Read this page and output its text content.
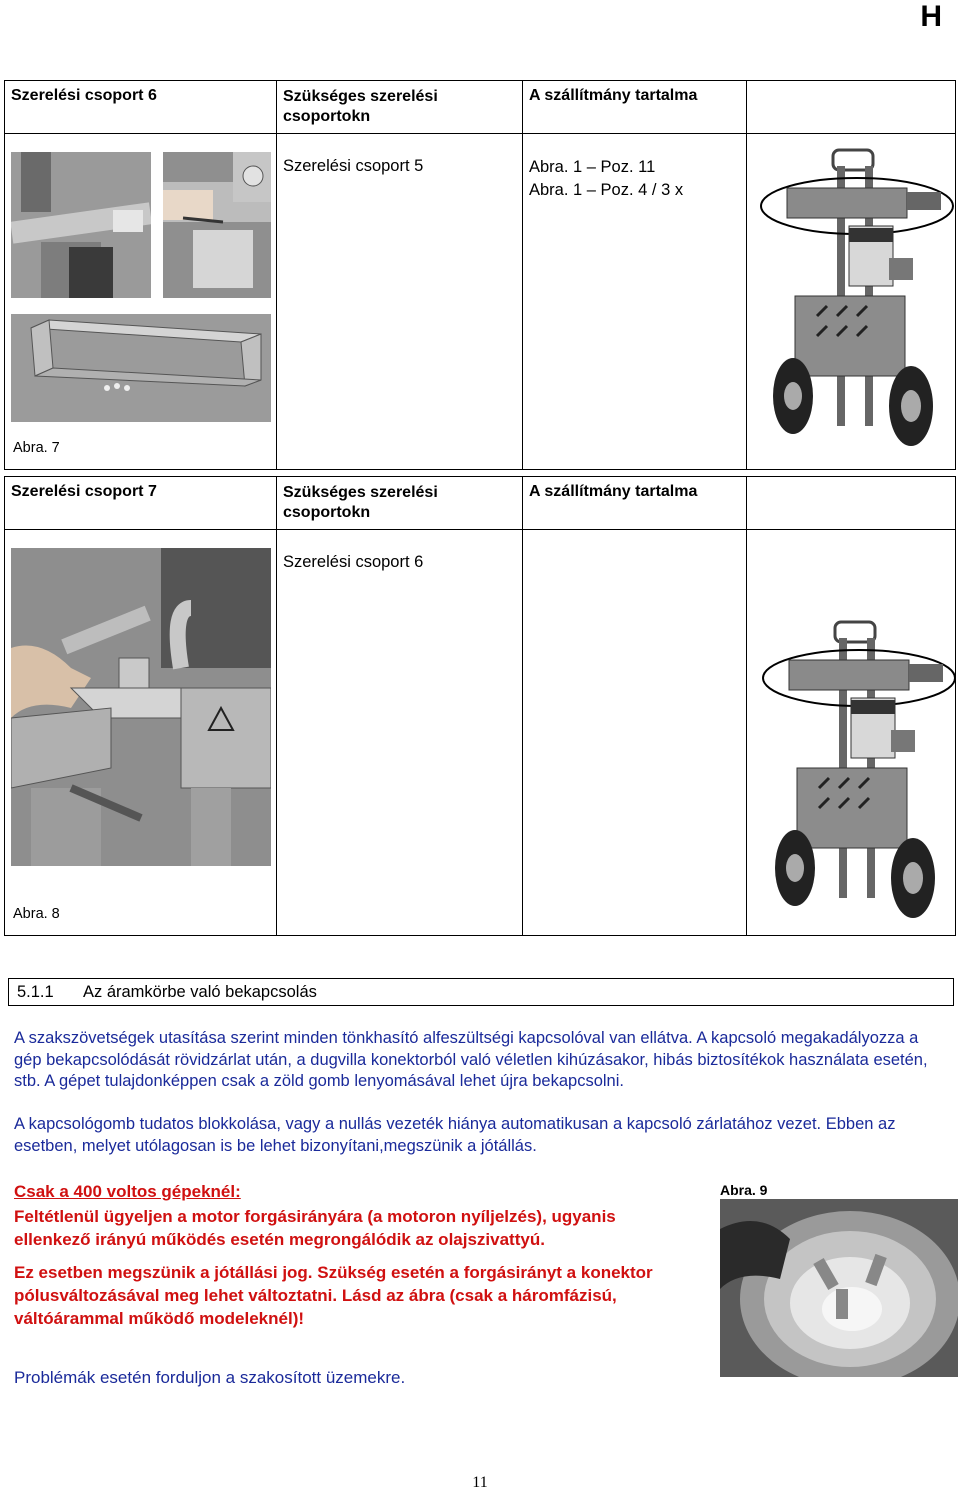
H
Szerelési csoport 6	Szükséges szerelési csoportokn	A szállítmány tartalma	

Abra. 7	Szerelési csoport 5	Abra. 1 – Poz. 11
Abra. 1 – Poz. 4 / 3 x

Szerelési csoport 7	Szükséges szerelési csoportokn	A szállítmány tartalma	

Abra. 8	Szerelési csoport 6		
5.1.1 Az áramkörbe való bekapcsolás
A szakszövetségek utasítása szerint minden tönkhasító alfeszültségi kapcsolóval van ellátva. A kapcsoló megakadályozza a gép bekapcsolódását rövidzárlat után, a dugvilla konektorból való véletlen kihúzásakor, hibás biztosítékok használata esetén, stb. A gépet tulajdonképpen csak a zöld gomb lenyomásával lehet újra bekapcsolni.
A kapcsológomb tudatos blokkolása, vagy a nullás vezeték hiánya automatikusan a kapcsoló zárlatához vezet. Ebben az esetben, melyet utólagosan is be lehet bizonyítani,megszünik a jótállás.
Csak a 400 voltos gépeknél:

Feltétlenül ügyeljen a motor forgásirányára (a motoron nyíljelzés), ugyanis ellenkező irányú működés esetén megrongálódik az olajszivattyú.

Ez esetben megszünik a jótállási jog. Szükség esetén a forgásirányt a konektor pólusváltozásával meg lehet változtatni. Lásd az ábra (csak a háromfázisú, váltóárammal működő modeleknél)!

Abra. 9
Problémák esetén forduljon a szakosított üzemekre.
11
